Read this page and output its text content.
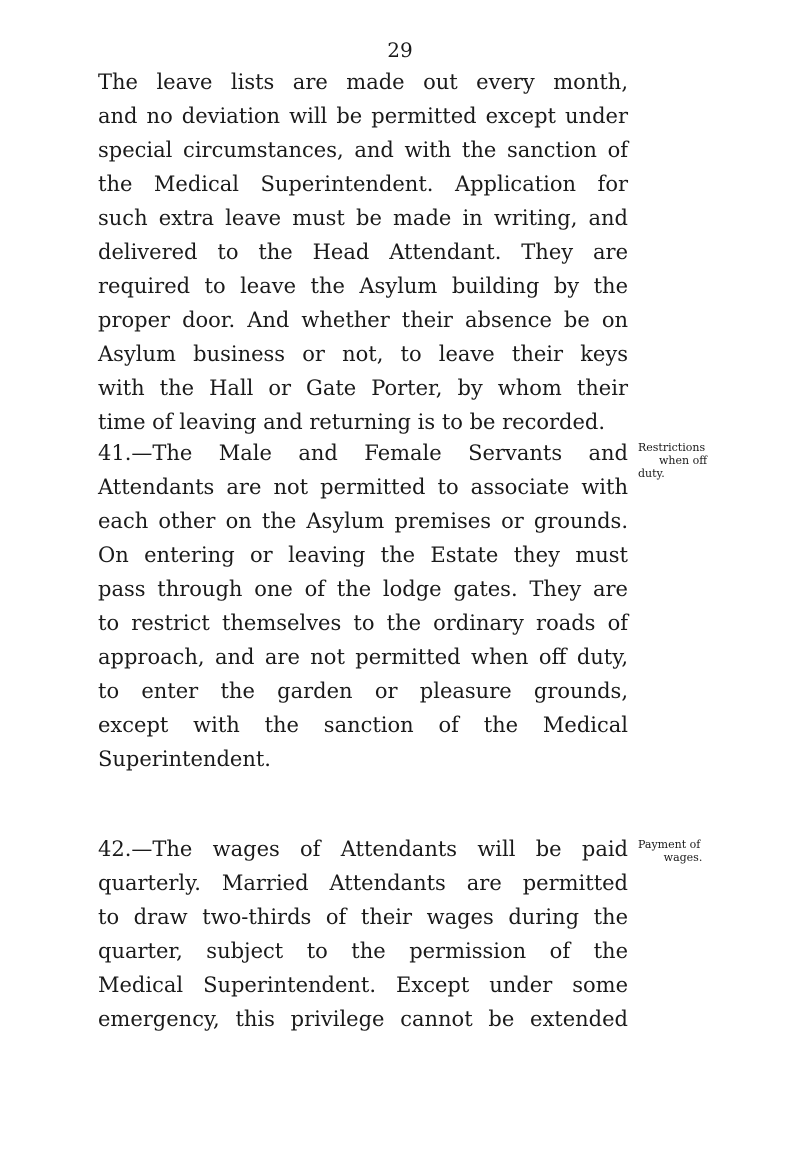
29
The leave lists are made out every month,
and no deviation will be permitted except under
special circumstances, and with the sanction of
the Medical Superintendent. Application for
such extra leave must be made in writing, and
delivered to the Head Attendant. They are
required to leave the Asylum building by the
proper door. And whether their absence be on
Asylum business or not, to leave their keys
with the Hall or Gate Porter, by whom their
time of leaving and returning is to be recorded.
41.—The Male and Female Servants and
Attendants are not permitted to associate with
each other on the Asylum premises or grounds.
On entering or leaving the Estate they must
pass through one of the lodge gates. They are
to restrict themselves to the ordinary roads of
approach, and are not permitted when off duty,
to enter the garden or pleasure grounds,
except with the sanction of the Medical
Superintendent.
Restrictions
when off
duty.
42.—The wages of Attendants will be paid
quarterly. Married Attendants are permitted
to draw two-thirds of their wages during the
quarter, subject to the permission of the
Medical Superintendent. Except under some
emergency, this privilege cannot be extended
Payment of
wages.
